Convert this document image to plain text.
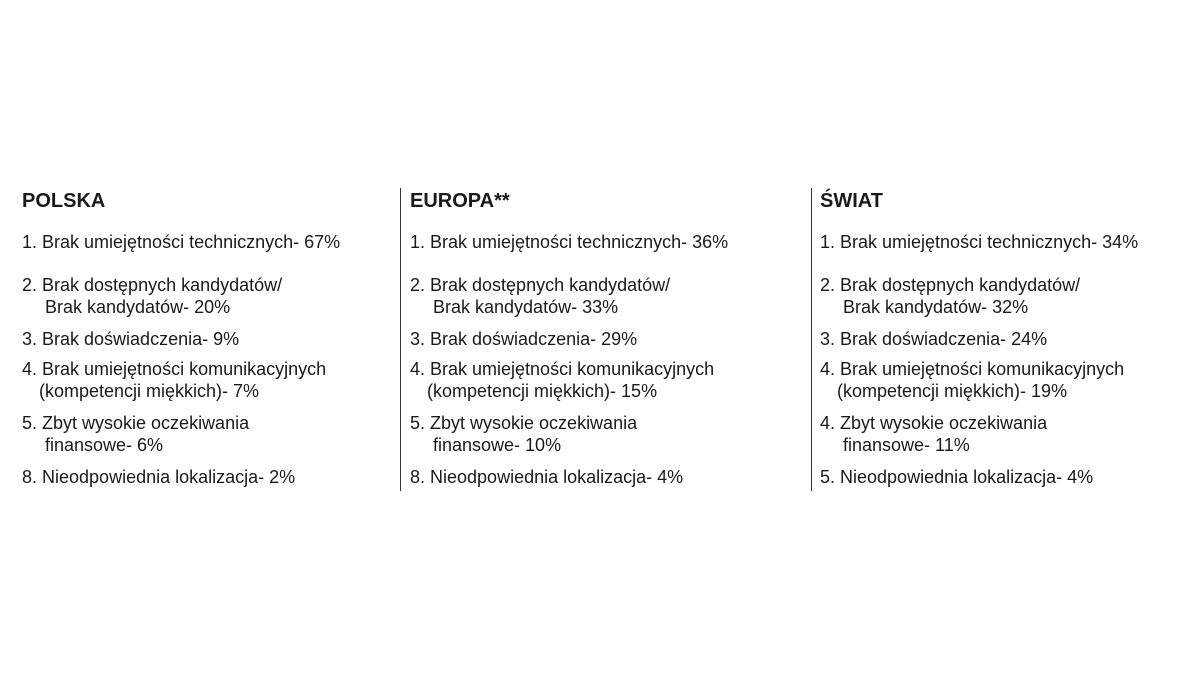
POLSKA
1. Brak umiejętności technicznych- 67%
2. Brak dostępnych kandydatów/
Brak kandydatów- 20%
3. Brak doświadczenia- 9%
4. Brak umiejętności komunikacyjnych
(kompetencji miękkich)- 7%
5. Zbyt wysokie oczekiwania
finansowe- 6%
8. Nieodpowiednia lokalizacja- 2%
EUROPA**
1. Brak umiejętności technicznych- 36%
2. Brak dostępnych kandydatów/
Brak kandydatów- 33%
3. Brak doświadczenia- 29%
4. Brak umiejętności komunikacyjnych
(kompetencji miękkich)- 15%
5. Zbyt wysokie oczekiwania
finansowe- 10%
8. Nieodpowiednia lokalizacja- 4%
ŚWIAT
1. Brak umiejętności technicznych- 34%
2. Brak dostępnych kandydatów/
Brak kandydatów- 32%
3. Brak doświadczenia- 24%
4. Brak umiejętności komunikacyjnych
(kompetencji miękkich)- 19%
4. Zbyt wysokie oczekiwania
finansowe- 11%
5. Nieodpowiednia lokalizacja- 4%
